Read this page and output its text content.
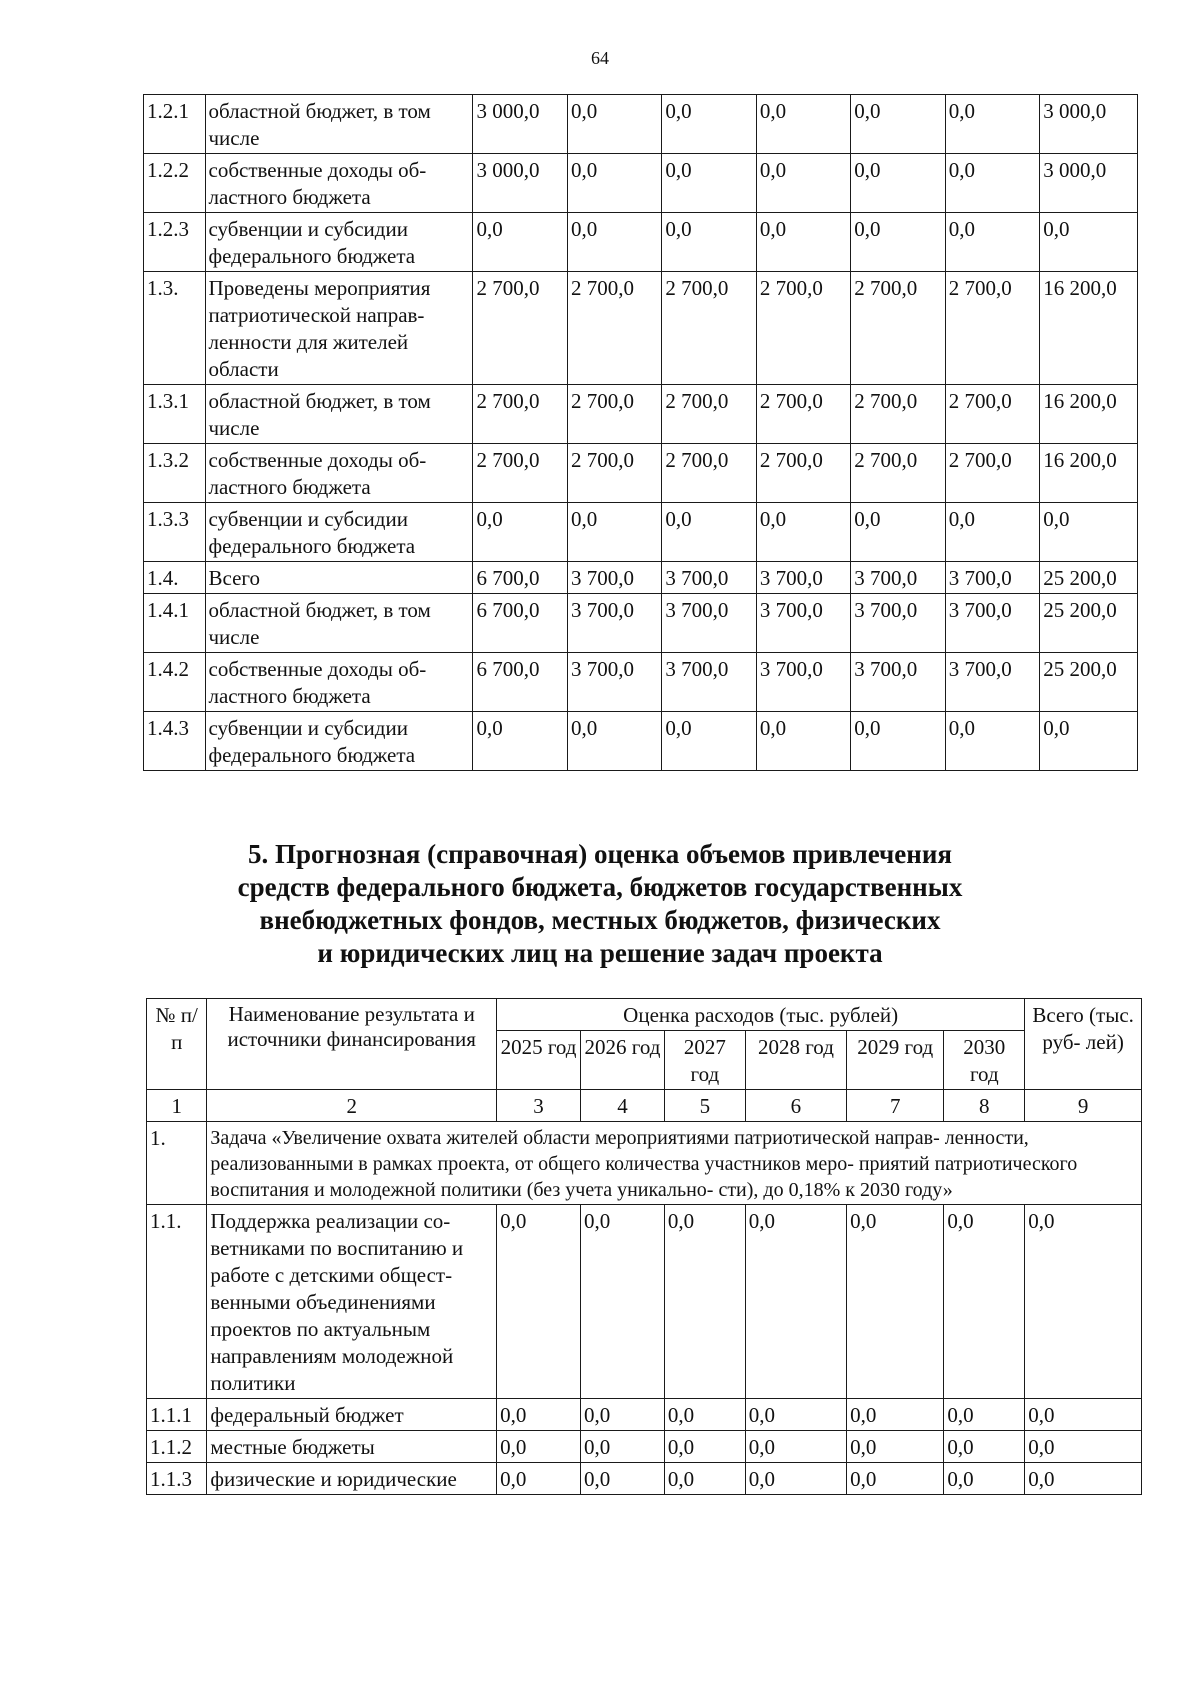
64
1.2.1	областной бюджет, в том числе	3 000,0	0,0	0,0	0,0	0,0	0,0	3 000,0
1.2.2	собственные доходы об- ластного бюджета	3 000,0	0,0	0,0	0,0	0,0	0,0	3 000,0
1.2.3	субвенции и субсидии федерального бюджета	0,0	0,0	0,0	0,0	0,0	0,0	0,0
1.3.	Проведены мероприятия патриотической направ- ленности для жителей области	2 700,0	2 700,0	2 700,0	2 700,0	2 700,0	2 700,0	16 200,0
1.3.1	областной бюджет, в том числе	2 700,0	2 700,0	2 700,0	2 700,0	2 700,0	2 700,0	16 200,0
1.3.2	собственные доходы об- ластного бюджета	2 700,0	2 700,0	2 700,0	2 700,0	2 700,0	2 700,0	16 200,0
1.3.3	субвенции и субсидии федерального бюджета	0,0	0,0	0,0	0,0	0,0	0,0	0,0
1.4.	Всего	6 700,0	3 700,0	3 700,0	3 700,0	3 700,0	3 700,0	25 200,0
1.4.1	областной бюджет, в том числе	6 700,0	3 700,0	3 700,0	3 700,0	3 700,0	3 700,0	25 200,0
1.4.2	собственные доходы об- ластного бюджета	6 700,0	3 700,0	3 700,0	3 700,0	3 700,0	3 700,0	25 200,0
1.4.3	субвенции и субсидии федерального бюджета	0,0	0,0	0,0	0,0	0,0	0,0	0,0
5. Прогнозная (справочная) оценка объемов привлечения
средств федерального бюджета, бюджетов государственных
внебюджетных фондов, местных бюджетов, физических
и юридических лиц на решение задач проекта
№ п/п	Наименование результата и источники финансирования	Оценка расходов (тыс. рублей)						Всего (тыс. руб- лей)
		2025 год	2026 год	2027 год	2028 год	2029 год	2030 год	
1	2	3	4	5	6	7	8	9
1.	Задача «Увеличение охвата жителей области мероприятиями патриотической направ- ленности, реализованными в рамках проекта, от общего количества участников меро- приятий патриотического воспитания и молодежной политики (без учета уникально- сти), до 0,18% к 2030 году»							
1.1.	Поддержка реализации со- ветниками по воспитанию и работе с детскими общест- венными объединениями проектов по актуальным направлениям молодежной политики	0,0	0,0	0,0	0,0	0,0	0,0	0,0
1.1.1	федеральный бюджет	0,0	0,0	0,0	0,0	0,0	0,0	0,0
1.1.2	местные бюджеты	0,0	0,0	0,0	0,0	0,0	0,0	0,0
1.1.3	физические и юридические	0,0	0,0	0,0	0,0	0,0	0,0	0,0
